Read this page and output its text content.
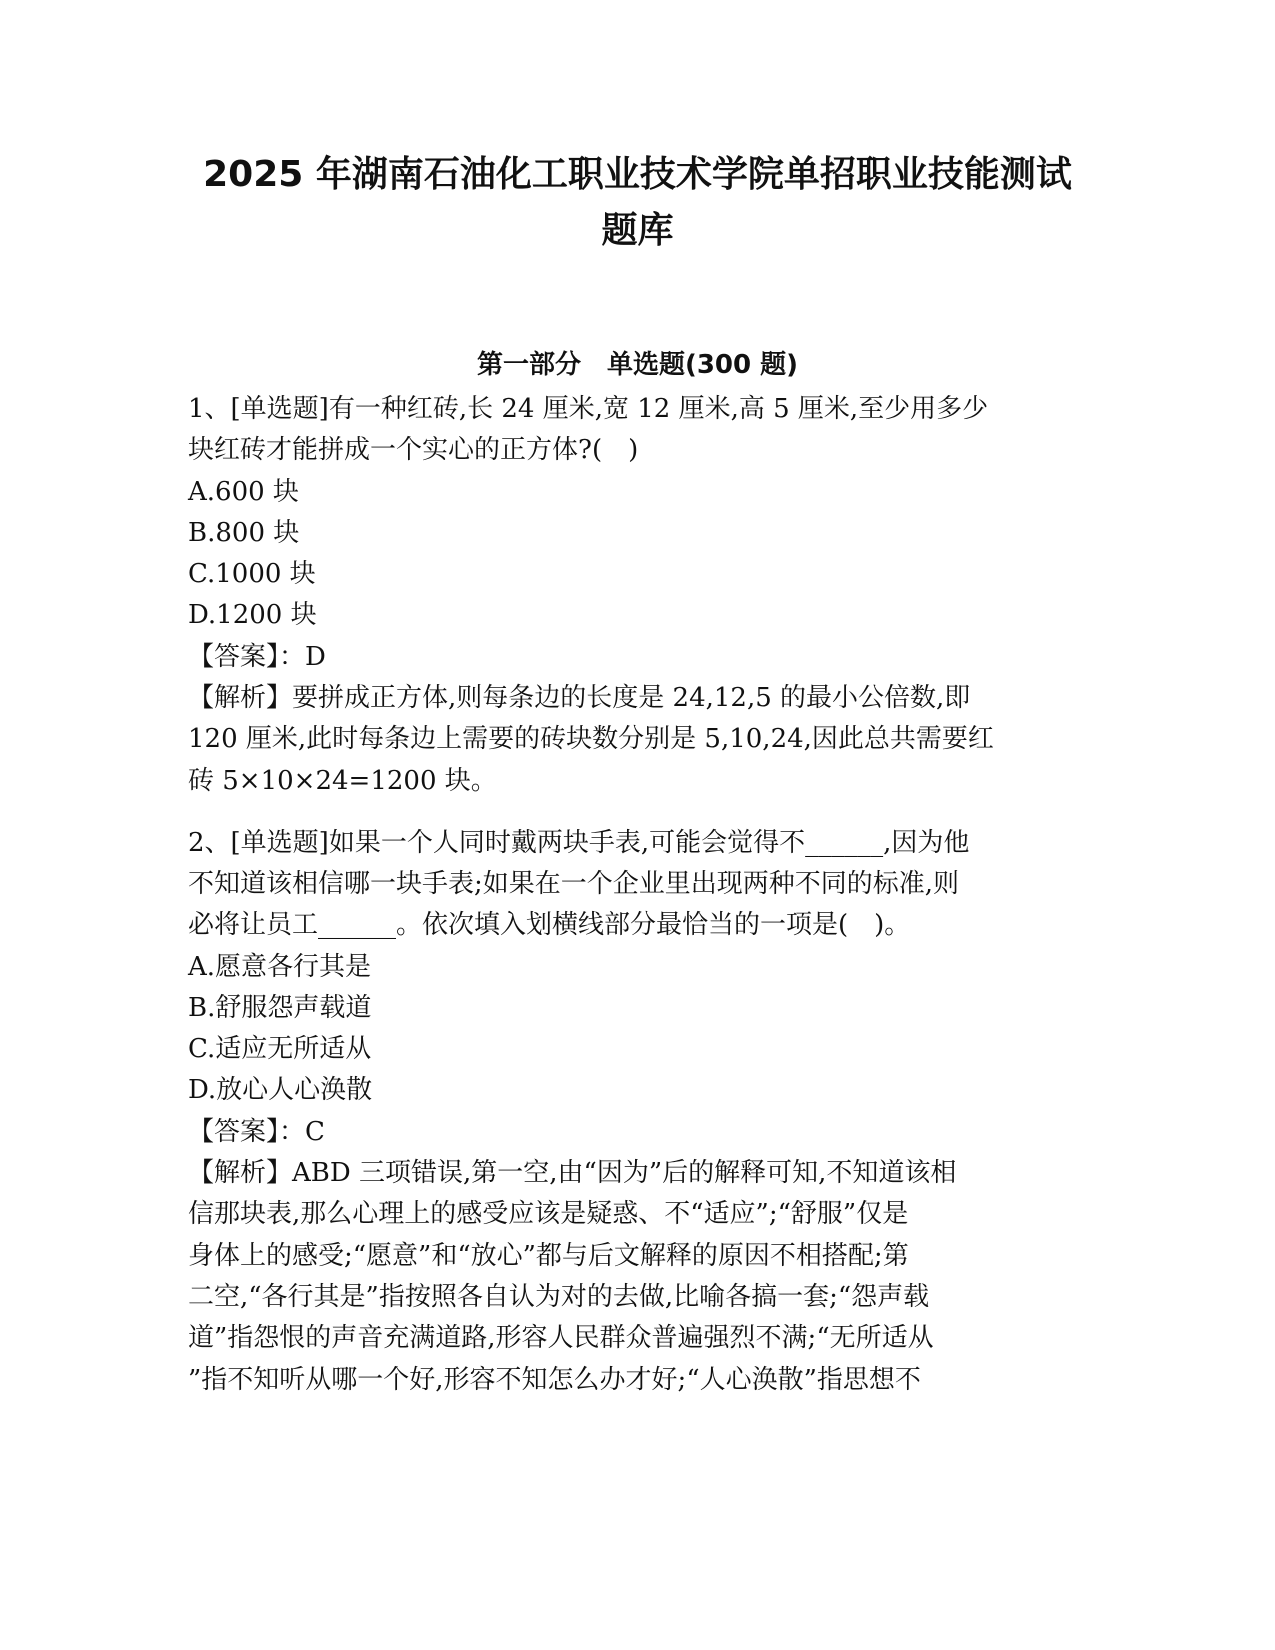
2025 年湖南石油化工职业技术学院单招职业技能测试
题库
第一部分　单选题(300 题)

1、[单选题]有一种红砖,长 24 厘米,宽 12 厘米,高 5 厘米,至少用多少

块红砖才能拼成一个实心的正方体?(　)

A.600 块

B.800 块

C.1000 块

D.1200 块

【答案】：D

【解析】要拼成正方体,则每条边的长度是 24,12,5 的最小公倍数,即

120 厘米,此时每条边上需要的砖块数分别是 5,10,24,因此总共需要红

砖 5×10×24=1200 块。

2、[单选题]如果一个人同时戴两块手表,可能会觉得不______,因为他

不知道该相信哪一块手表;如果在一个企业里出现两种不同的标准,则

必将让员工______。依次填入划横线部分最恰当的一项是(　)。

A.愿意各行其是

B.舒服怨声载道

C.适应无所适从

D.放心人心涣散

【答案】：C

【解析】ABD 三项错误,第一空,由“因为”后的解释可知,不知道该相

信那块表,那么心理上的感受应该是疑惑、不“适应”;“舒服”仅是

身体上的感受;“愿意”和“放心”都与后文解释的原因不相搭配;第

二空,“各行其是”指按照各自认为对的去做,比喻各搞一套;“怨声载

道”指怨恨的声音充满道路,形容人民群众普遍强烈不满;“无所适从

”指不知听从哪一个好,形容不知怎么办才好;“人心涣散”指思想不
